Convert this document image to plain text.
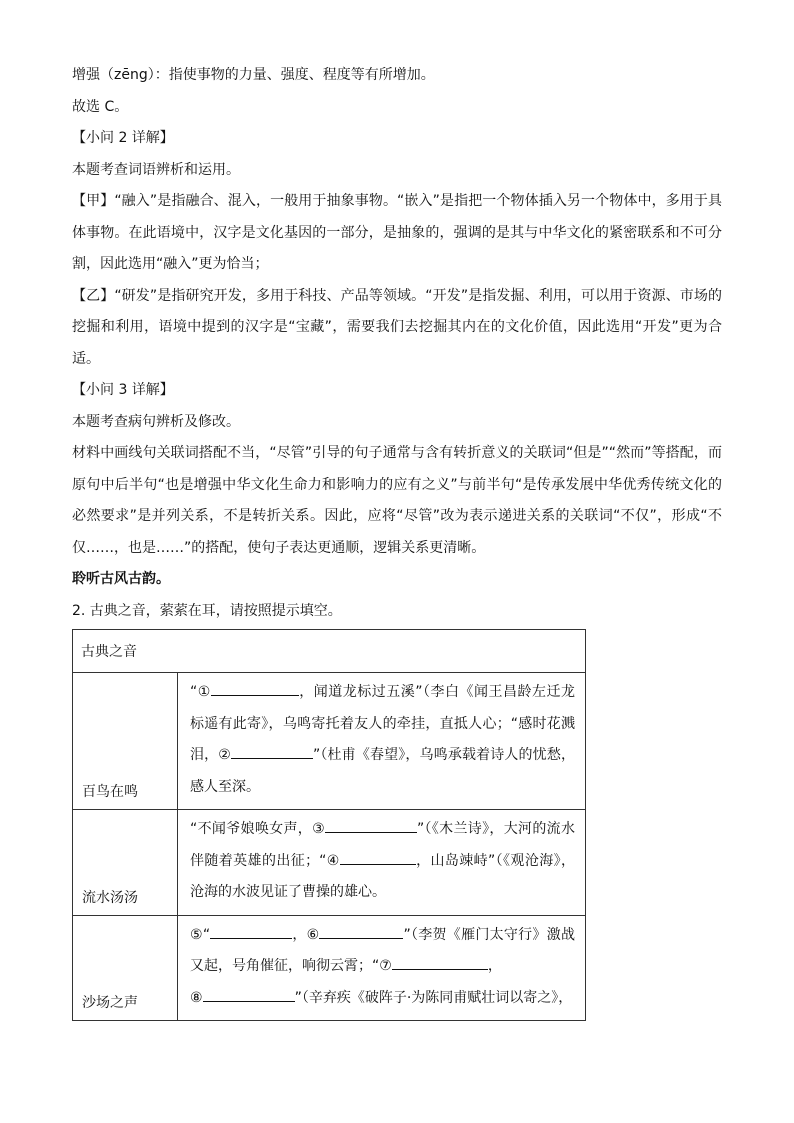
增强（zēng）：指使事物的力量、强度、程度等有所增加。

故选 C。

【小问 2 详解】

本题考查词语辨析和运用。

【甲】“融入”是指融合、混入，一般用于抽象事物。“嵌入”是指把一个物体插入另一个物体中，多用于具体事物。在此语境中，汉字是文化基因的一部分，是抽象的，强调的是其与中华文化的紧密联系和不可分割，因此选用“融入”更为恰当；

【乙】“研发”是指研究开发，多用于科技、产品等领域。“开发”是指发掘、利用，可以用于资源、市场的挖掘和利用，语境中提到的汉字是“宝藏”，需要我们去挖掘其内在的文化价值，因此选用“开发”更为合适。

【小问 3 详解】

本题考查病句辨析及修改。

材料中画线句关联词搭配不当，“尽管”引导的句子通常与含有转折意义的关联词“但是”“然而”等搭配，而原句中后半句“也是增强中华文化生命力和影响力的应有之义”与前半句“是传承发展中华优秀传统文化的必然要求”是并列关系，不是转折关系。因此，应将“尽管”改为表示递进关系的关联词“不仅”，形成“不仅……，也是……”的搭配，使句子表达更通顺，逻辑关系更清晰。

聆听古风古韵。

2. 古典之音，萦萦在耳，请按照提示填空。

古典之音	
百鸟在鸣	“① ，闻道龙标过五溪”（李白《闻王昌龄左迁龙标遥有此寄》，乌鸣寄托着友人的牵挂，直抵人心；“感时花溅泪，② ”（杜甫《春望》，乌鸣承载着诗人的忧愁，感人至深。
流水汤汤	“不闻爷娘唤女声，③ ”（《木兰诗》，大河的流水伴随着英雄的出征；“④ ，山岛竦峙”（《观沧海》，沧海的水波见证了曹操的雄心。
沙场之声	⑤“ ，⑥ ”（李贺《雁门太守行》激战又起，号角催征，响彻云霄；“⑦ ，
⑧ ”（辛弃疾《破阵子·为陈同甫赋壮词以寄之》，
